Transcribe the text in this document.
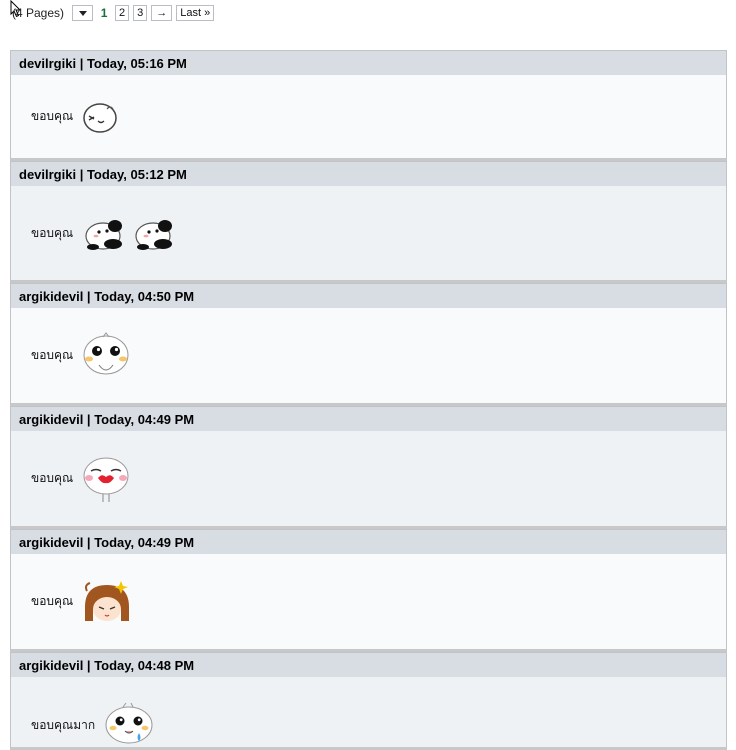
(4 Pages)	1	2	3	→	Last »
devilrgiki | Today, 05:16 PM
ขอบคุณ
devilrgiki | Today, 05:12 PM
ขอบคุณ
argikidevil | Today, 04:50 PM
ขอบคุณ
argikidevil | Today, 04:49 PM
ขอบคุณ
argikidevil | Today, 04:49 PM
ขอบคุณ
argikidevil | Today, 04:48 PM
ขอบคุณมาก
